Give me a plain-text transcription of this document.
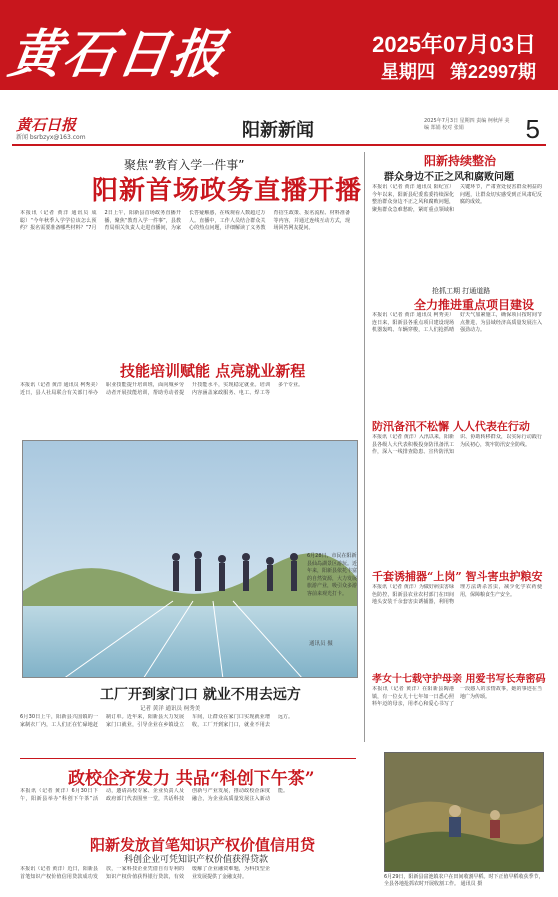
黄石日报	2025年07月03日
星期四 第22997期
黄石日报
新闻 bsrbzyx@163.com	阳新新闻	2025年7月3日 星期四 责编 柯秋萍 美编 郑娟 校对 张娟	5
聚焦“教育入学一件事”
阳新首场政务直播开播
本报讯（记者 黄洋 通讯员 成聪）“今年秋季入学学位该怎么预约？报名需要准备哪些材料？”7月2日上午，阳新县首场政务直播开播，聚焦“教育入学一件事”，县教育局相关负责人走进直播间，为家长答疑解惑，在线观看人数超过万人。直播中，工作人员结合群众关心的热点问题，详细解读了义务教育招生政策、报名流程、材料准备等内容，并通过连线互动方式，现场回答网友提问。
技能培训赋能 点亮就业新程
本报讯（记者 黄洋 通讯员 柯秀美）近日，县人社局联合有关部门举办职业技能提升培训班，面向城乡劳动者开展技能培训，帮助劳动者提升技能水平，实现稳定就业。培训内容涵盖家政服务、电工、焊工等多个专业。
6月28日，市民在阳新县仙岛湖景区游玩。近年来，阳新县依托丰富的自然资源，大力发展旅游产业，吸引众多游客前来观光打卡。
通讯员 摄
工厂开到家门口 就业不用去远方
记者 黄洋 通讯员 柯秀美
6月30日上午，阳新县兴国镇的一家制衣厂内，工人们正在忙碌地赶制订单。近年来，阳新县大力发展家门口就业，引导企业在乡镇设立车间，让群众在家门口实现就业增收，工厂开到家门口，就业不用去远方。
政校企齐发力 共品“科创下午茶”
本报讯（记者 黄洋）6月30日下午，阳新县举办“科创下午茶”活动，邀请高校专家、企业负责人及政府部门代表围坐一堂，共话科技创新与产业发展，推动政校企深度融合，为企业高质量发展注入新动能。
阳新发放首笔知识产权价值信用贷
科创企业可凭知识产权价值获得贷款
本报讯（记者 黄洋）近日，阳新县首笔知识产权价值信用贷款成功发放，一家科技企业凭借自有专利的知识产权价值获得银行贷款，有效缓解了企业融资难题，为科技型企业发展提供了金融支持。
阳新持续整治
群众身边不正之风和腐败问题
本报讯（记者 黄洋 通讯员 阳纪宣）今年以来，阳新县纪委监委持续深化整治群众身边不正之风和腐败问题，聚焦群众急难愁盼，紧盯重点领域和关键环节，严肃查处侵害群众利益的问题，让群众切实感受到正风肃纪反腐的成效。
抢抓工期 打通道路
全力推进重点项目建设
本报讯（记者 黄洋 通讯员 柯秀美）连日来，阳新县各重点项目建设现场机器轰鸣、车辆穿梭，工人们抢抓晴好天气加紧施工，确保项目按时间节点推进，为县域经济高质量发展注入强劲动力。
防汛备汛不松懈 人人代表在行动
本报讯（记者 黄洋）入汛以来，阳新县各级人大代表积极投身防汛备汛工作，深入一线排查隐患、宣传防汛知识、协助转移群众，以实际行动践行为民初心，筑牢防汛安全防线。
千套诱捕器“上岗” 智斗害虫护粮安
本报讯（记者 黄洋）为做好病虫害绿色防控，阳新县农业农村部门在田间地头安装千余套害虫诱捕器，利用物理方法诱杀害虫，减少化学农药使用，保障粮食生产安全。
孝女十七载守护母亲 用爱书写长寿密码
本报讯（记者 黄洋）在阳新县陶港镇，有一位女儿十七年如一日悉心照料年迈的母亲，用孝心和爱心书写了一段感人的亲情故事，她的事迹在当地广为传颂。
6月29日，阳新县富池镇农户在田间收割早稻。时下正值早稻收获季节，全县各地抢抓农时开展收割工作。 通讯员 摄
